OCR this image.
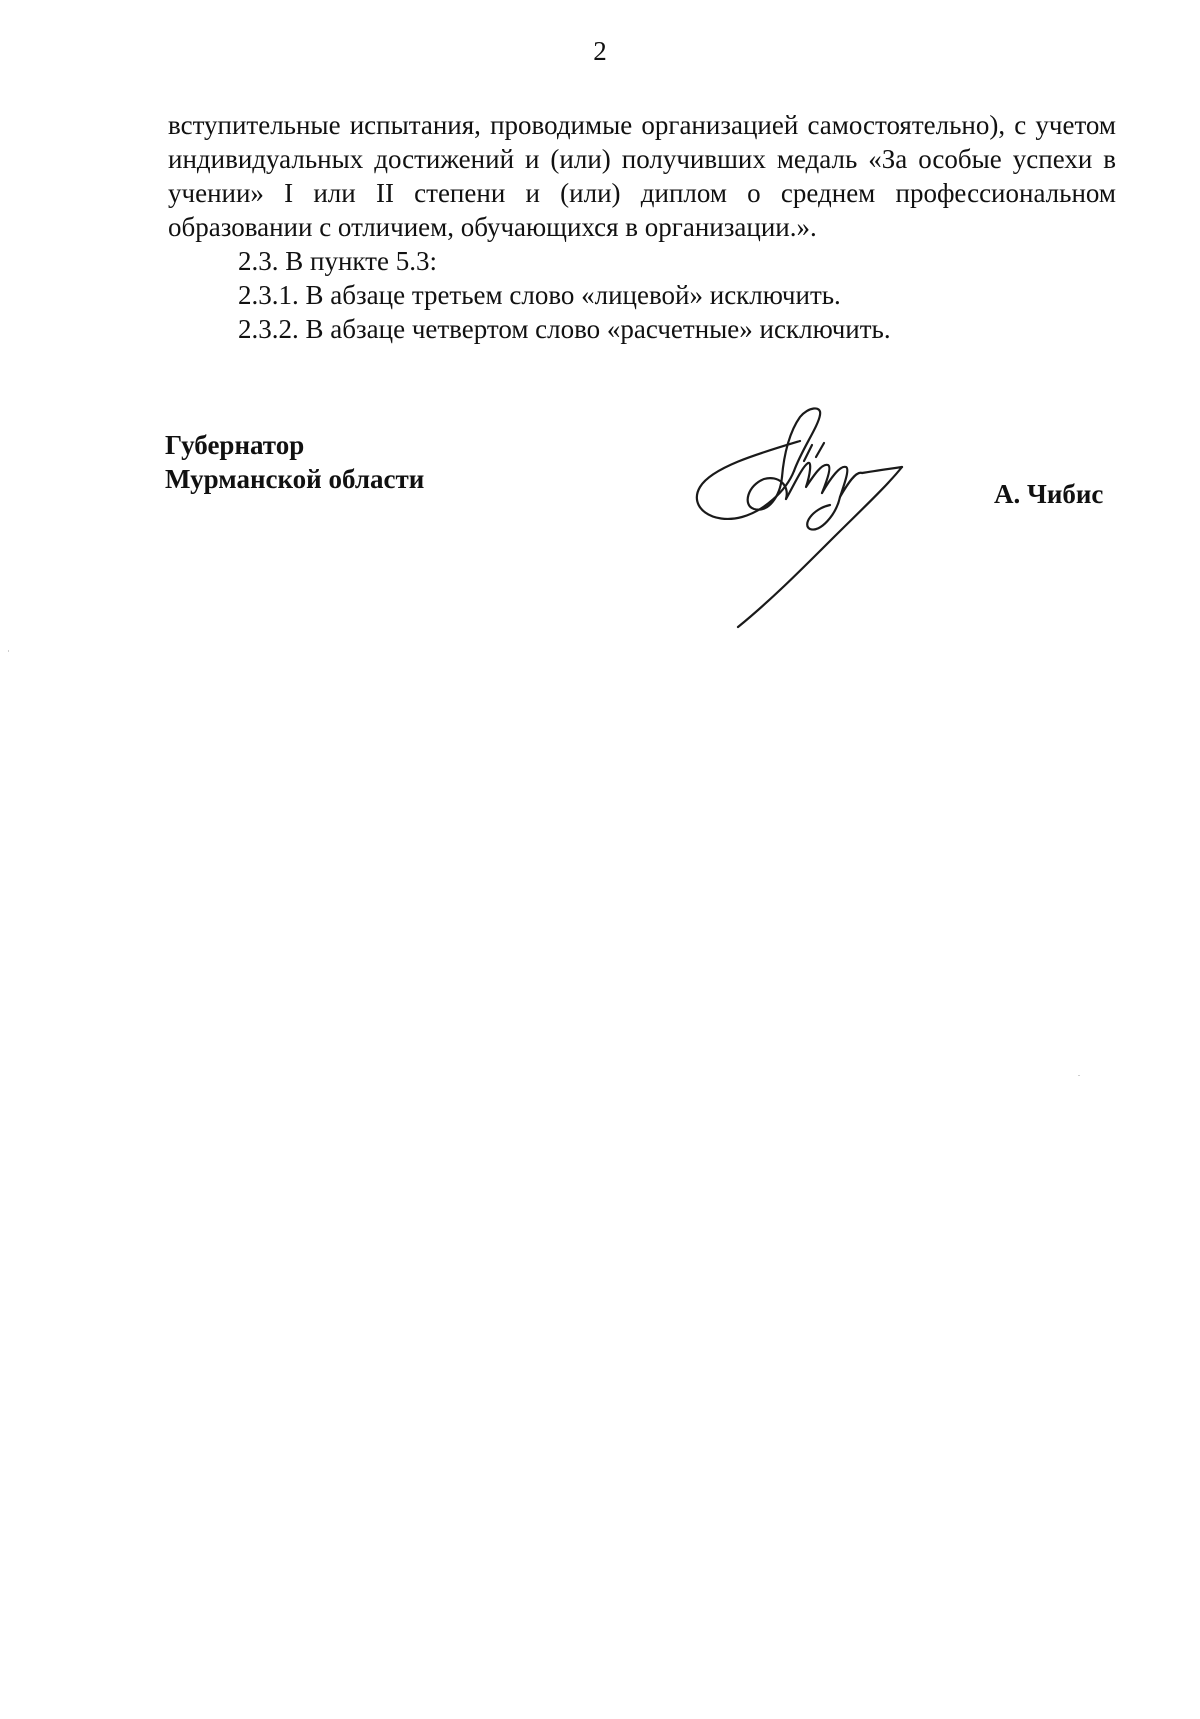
2

вступительные испытания, проводимые организацией самостоятельно), с учетом индивидуальных достижений и (или) получивших медаль «За особые успехи в учении» I или II степени и (или) диплом о среднем профессиональном образовании с отличием, обучающихся в организации.».

2.3. В пункте 5.3:

2.3.1. В абзаце третьем слово «лицевой» исключить.

2.3.2. В абзаце четвертом слово «расчетные» исключить.

Губернатор
Мурманской области	А. Чибис
